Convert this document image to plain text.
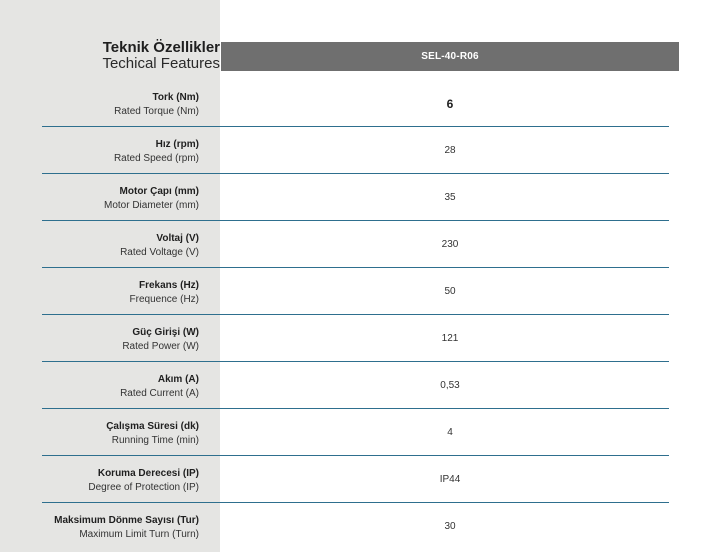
Teknik Özellikler
Techical Features	SEL-40-R06
Tork (Nm)
Rated Torque (Nm)
6
Hız (rpm)
Rated Speed (rpm)
28
Motor Çapı (mm)
Motor Diameter (mm)
35
Voltaj (V)
Rated Voltage (V)
230
Frekans (Hz)
Frequence (Hz)
50
Güç Girişi (W)
Rated Power (W)
121
Akım (A)
Rated Current (A)
0,53
Çalışma Süresi (dk)
Running Time (min)
4
Koruma Derecesi (IP)
Degree of Protection (IP)
IP44
Maksimum Dönme Sayısı (Tur)
Maximum Limit Turn (Turn)
30
